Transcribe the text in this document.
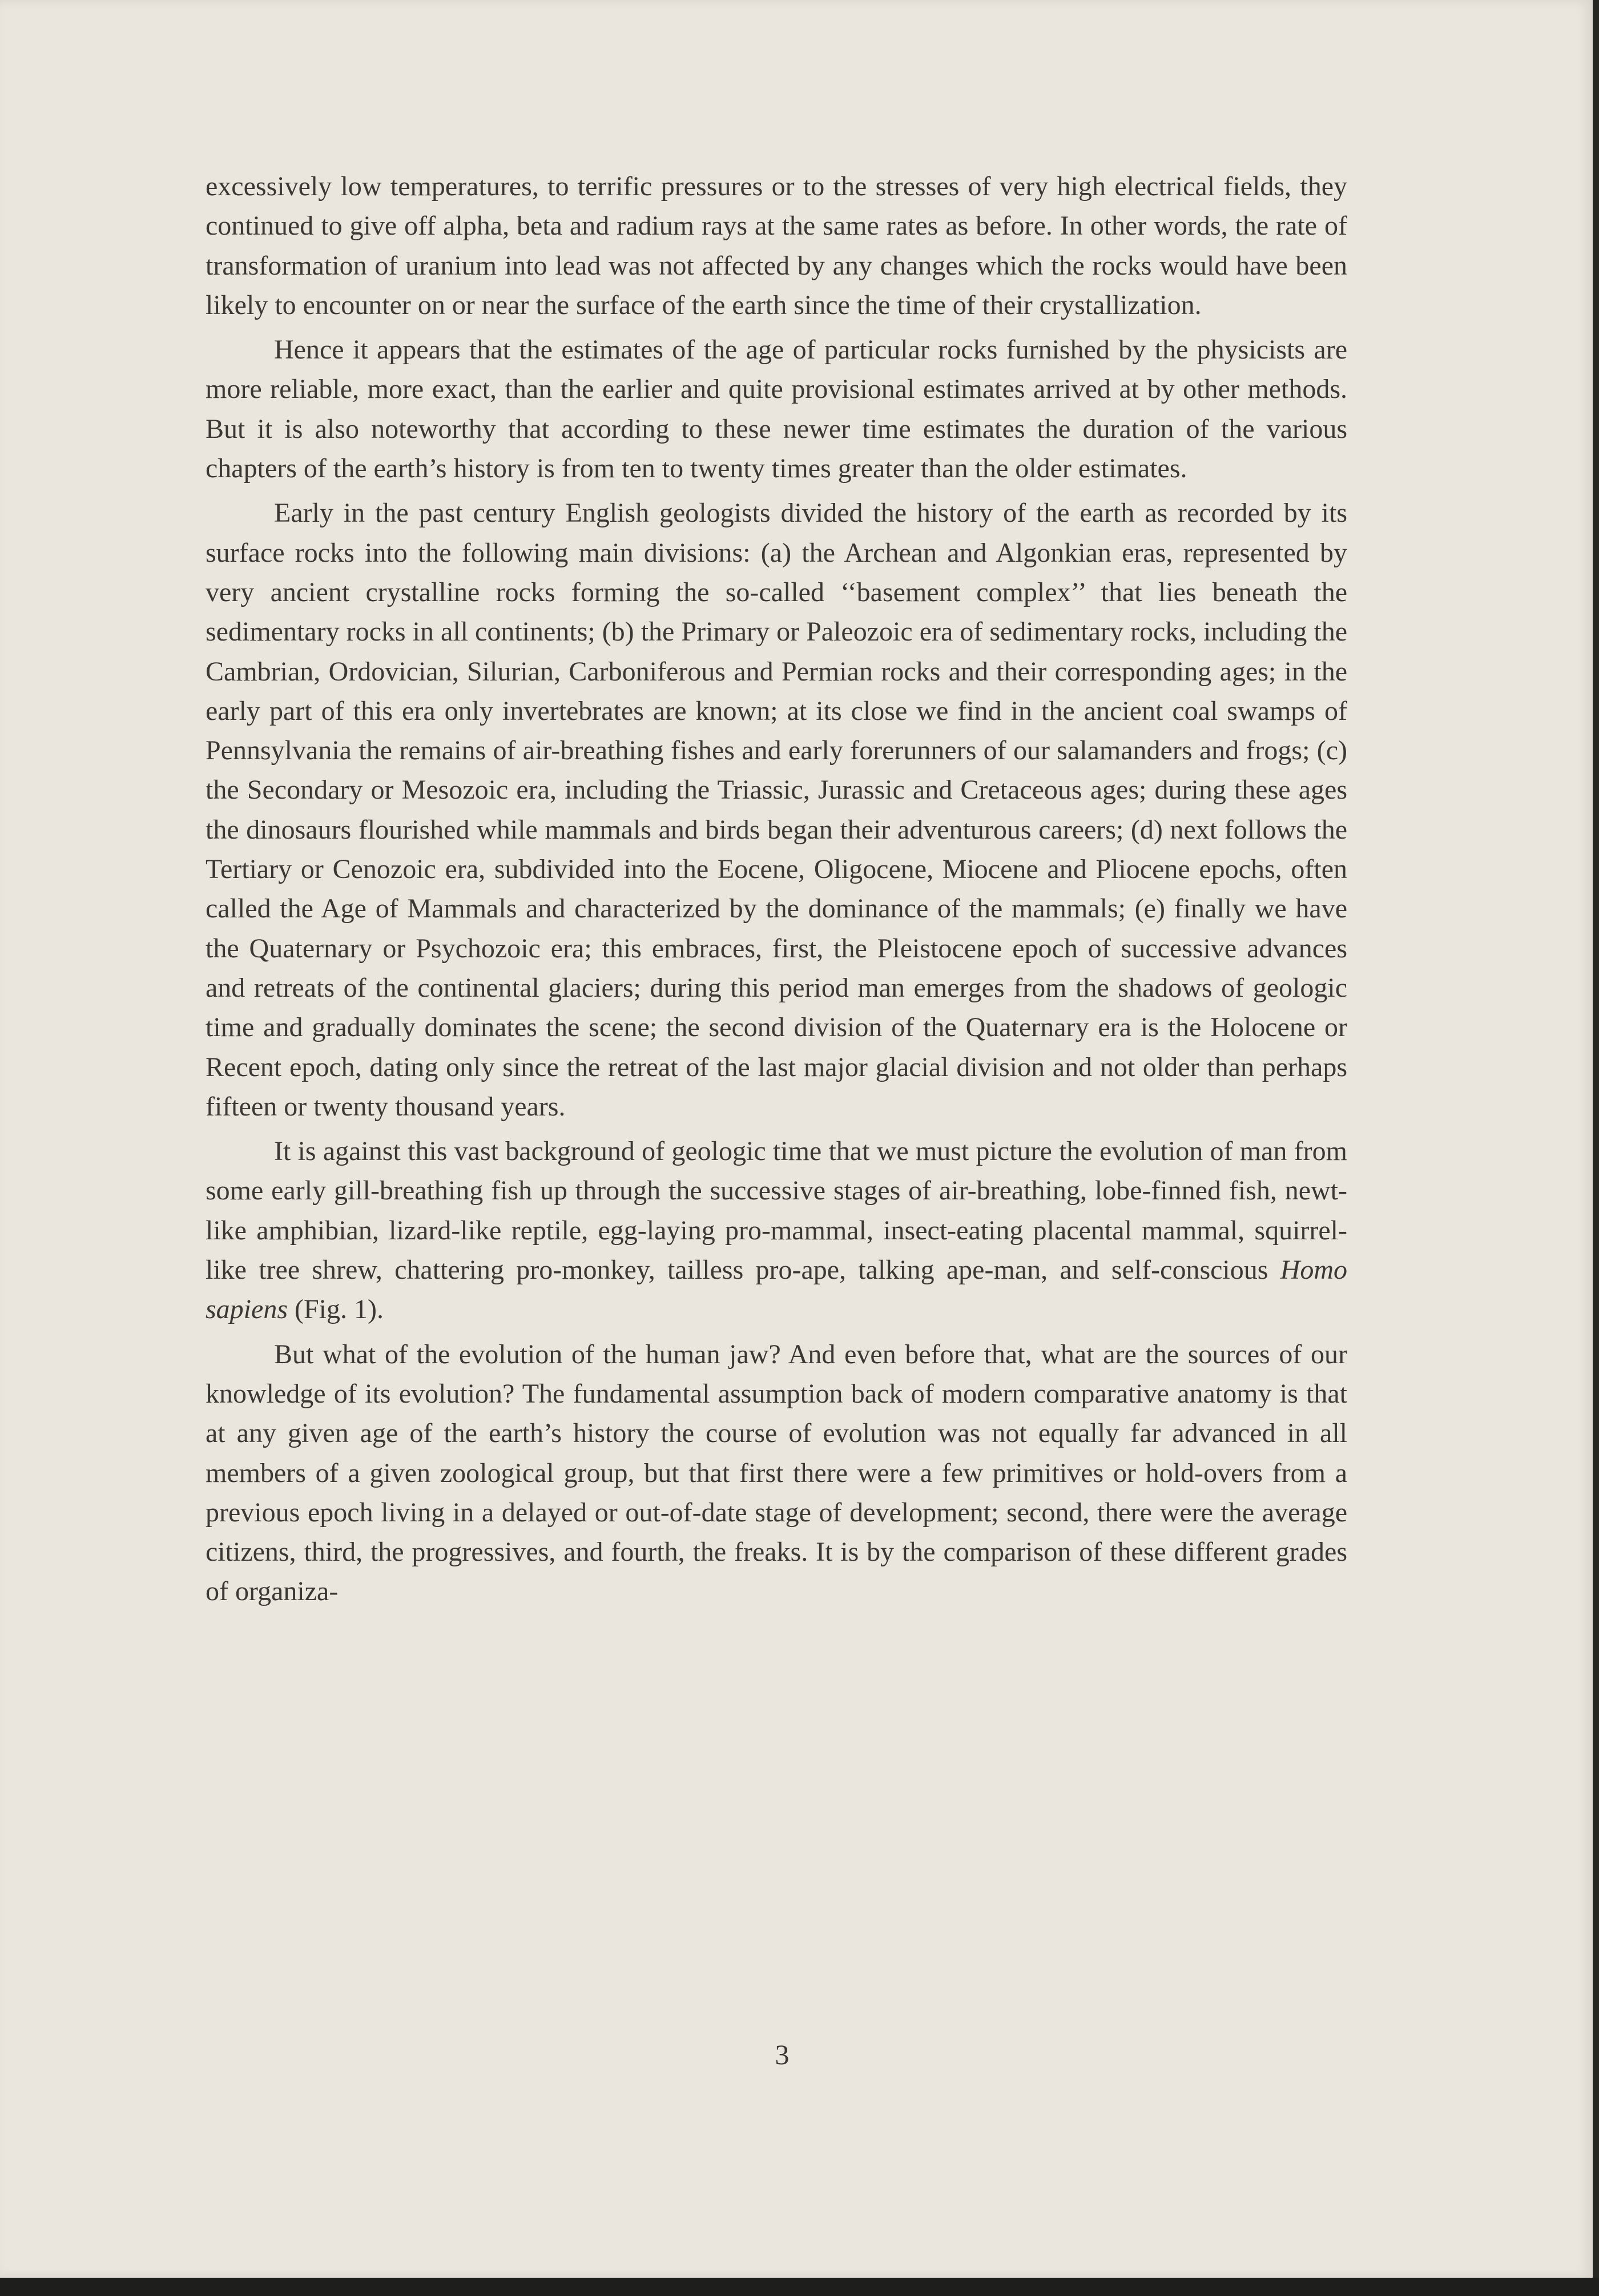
excessively low temperatures, to terrific pressures or to the stresses of very high electrical fields, they continued to give off alpha, beta and radium rays at the same rates as before. In other words, the rate of transformation of uranium into lead was not affected by any changes which the rocks would have been likely to encounter on or near the surface of the earth since the time of their crystallization.

Hence it appears that the estimates of the age of particular rocks furnished by the physicists are more reliable, more exact, than the earlier and quite provisional estimates arrived at by other methods. But it is also noteworthy that according to these newer time estimates the duration of the various chapters of the earth’s history is from ten to twenty times greater than the older estimates.

Early in the past century English geologists divided the history of the earth as recorded by its surface rocks into the following main divisions: (a) the Archean and Algonkian eras, represented by very ancient crystalline rocks forming the so-called ‘‘basement complex’’ that lies beneath the sedimentary rocks in all continents; (b) the Primary or Paleozoic era of sedimentary rocks, including the Cambrian, Ordovician, Silurian, Carboniferous and Permian rocks and their corresponding ages; in the early part of this era only invertebrates are known; at its close we find in the ancient coal swamps of Pennsylvania the remains of air-breathing fishes and early forerunners of our salamanders and frogs; (c) the Secondary or Mesozoic era, including the Triassic, Jurassic and Cretaceous ages; during these ages the dinosaurs flourished while mammals and birds began their adventurous careers; (d) next follows the Tertiary or Cenozoic era, subdivided into the Eocene, Oligocene, Miocene and Pliocene epochs, often called the Age of Mammals and characterized by the dominance of the mammals; (e) finally we have the Quaternary or Psychozoic era; this embraces, first, the Pleistocene epoch of successive advances and retreats of the continental glaciers; during this period man emerges from the shadows of geologic time and gradually dominates the scene; the second division of the Quaternary era is the Holocene or Recent epoch, dating only since the retreat of the last major glacial division and not older than perhaps fifteen or twenty thousand years.

It is against this vast background of geologic time that we must picture the evolution of man from some early gill-breathing fish up through the successive stages of air-breathing, lobe-finned fish, newt-like amphibian, lizard-like reptile, egg-laying pro-mammal, insect-eating placental mammal, squirrel-like tree shrew, chattering pro-monkey, tailless pro-ape, talking ape-man, and self-conscious Homo sapiens (Fig. 1).

But what of the evolution of the human jaw? And even before that, what are the sources of our knowledge of its evolution? The fundamental assumption back of modern comparative anatomy is that at any given age of the earth’s history the course of evolution was not equally far advanced in all members of a given zoological group, but that first there were a few primitives or hold-overs from a previous epoch living in a delayed or out-of-date stage of development; second, there were the average citizens, third, the progressives, and fourth, the freaks. It is by the comparison of these different grades of organiza-

3
